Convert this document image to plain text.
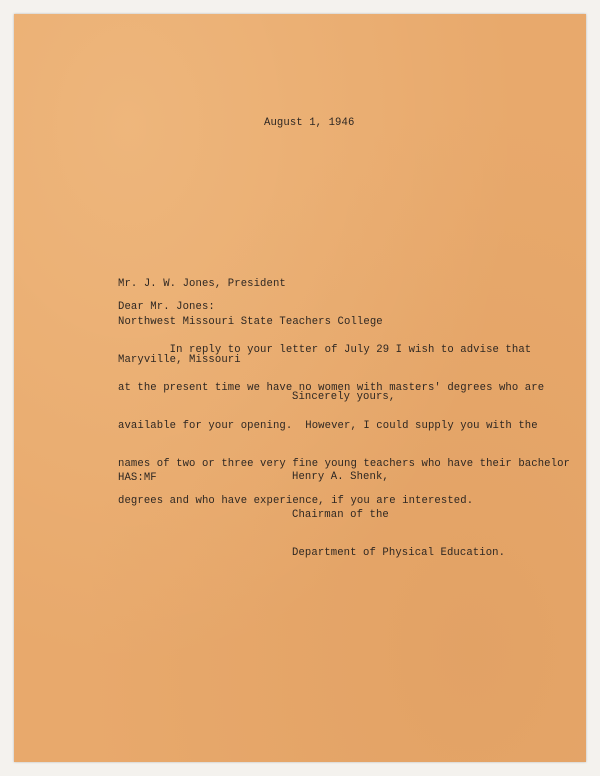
August 1, 1946

Mr. J. W. Jones, President

Northwest Missouri State Teachers College

Maryville, Missouri

Dear Mr. Jones:

In reply to your letter of July 29 I wish to advise that

at the present time we have no women with masters' degrees who are

available for your opening.  However, I could supply you with the

names of two or three very fine young teachers who have their bachelor

degrees and who have experience, if you are interested.

Sincerely yours,

Henry A. Shenk,

Chairman of the

Department of Physical Education.

HAS:MF
